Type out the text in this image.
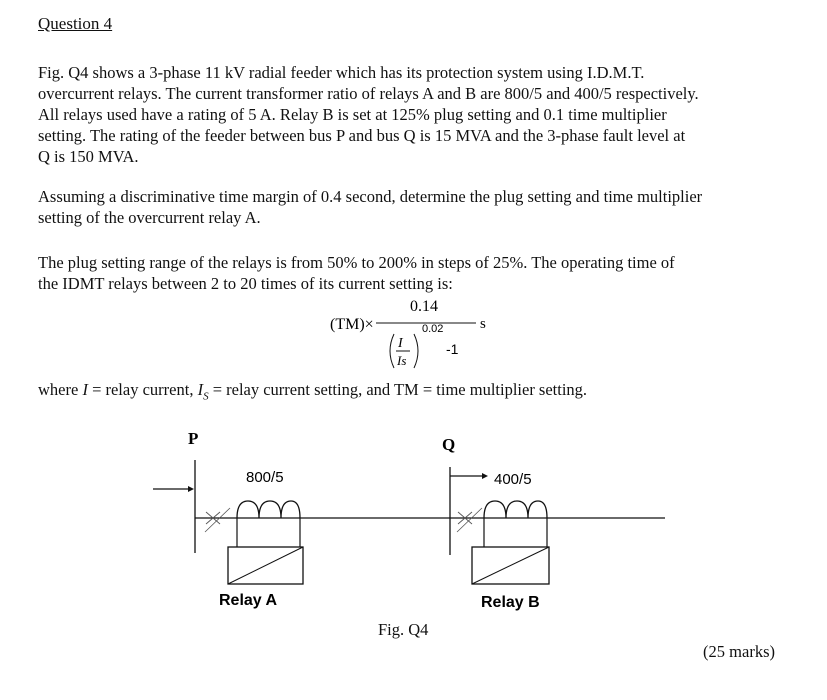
Question 4
Fig. Q4 shows a 3-phase 11 kV radial feeder which has its protection system using I.D.M.T.
overcurrent relays. The current transformer ratio of relays A and B are 800/5 and 400/5 respectively.
All relays used have a rating of 5 A. Relay B is set at 125% plug setting and 0.1 time multiplier
setting. The rating of the feeder between bus P and bus Q is 15 MVA and the 3-phase fault level at
Q is 150 MVA.
Assuming a discriminative time margin of 0.4 second, determine the plug setting and time multiplier
setting of the overcurrent relay A.
The plug setting range of the relays is from 50% to 200% in steps of 25%. The operating time of
the IDMT relays between 2 to 20 times of its current setting is:
0.14
(TM)×	s
I
Is
0.02
-1
where I = relay current, $I_S$ = relay current setting, and TM = time multiplier setting.
P	Q
800/5
Relay A
400/5
Relay B
Fig. Q4
(25 marks)
